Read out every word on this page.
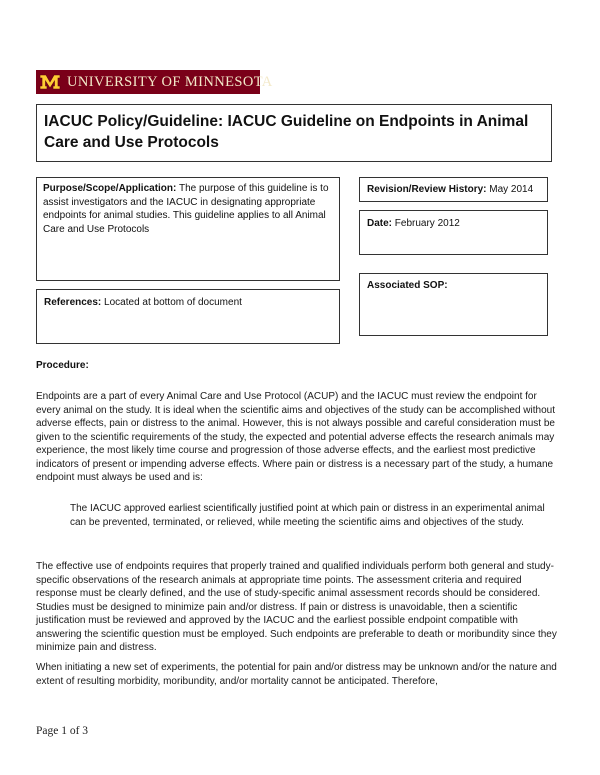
UNIVERSITY OF MINNESOTA
IACUC Policy/Guideline: IACUC Guideline on Endpoints in Animal Care and Use Protocols
Purpose/Scope/Application: The purpose of this guideline is to assist investigators and the IACUC in designating appropriate endpoints for animal studies. This guideline applies to all Animal Care and Use Protocols
References: Located at bottom of document
Revision/Review History: May 2014
Date: February 2012
Associated SOP:
Procedure:
Endpoints are a part of every Animal Care and Use Protocol (ACUP) and the IACUC must review the endpoint for every animal on the study. It is ideal when the scientific aims and objectives of the study can be accomplished without adverse effects, pain or distress to the animal. However, this is not always possible and careful consideration must be given to the scientific requirements of the study, the expected and potential adverse effects the research animals may experience, the most likely time course and progression of those adverse effects, and the earliest most predictive indicators of present or impending adverse effects. Where pain or distress is a necessary part of the study, a humane endpoint must always be used and is:
The IACUC approved earliest scientifically justified point at which pain or distress in an experimental animal can be prevented, terminated, or relieved, while meeting the scientific aims and objectives of the study.
The effective use of endpoints requires that properly trained and qualified individuals perform both general and study-specific observations of the research animals at appropriate time points. The assessment criteria and required response must be clearly defined, and the use of study-specific animal assessment records should be considered. Studies must be designed to minimize pain and/or distress. If pain or distress is unavoidable, then a scientific justification must be reviewed and approved by the IACUC and the earliest possible endpoint compatible with answering the scientific question must be employed. Such endpoints are preferable to death or moribundity since they minimize pain and distress.
When initiating a new set of experiments, the potential for pain and/or distress may be unknown and/or the nature and extent of resulting morbidity, moribundity, and/or mortality cannot be anticipated. Therefore,
Page 1 of 3
